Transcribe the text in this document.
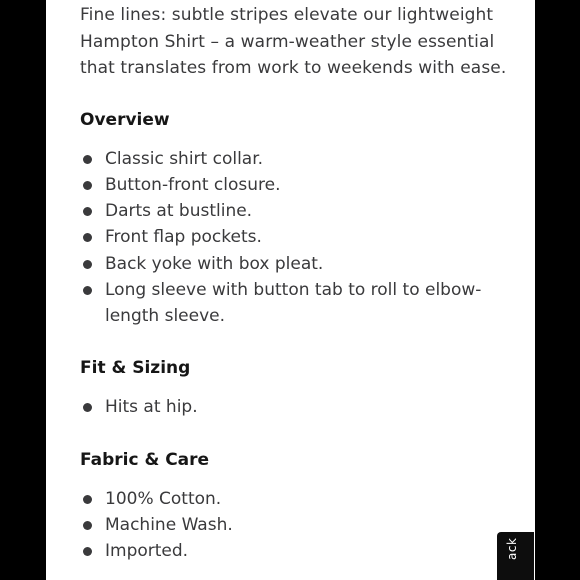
Fine lines: subtle stripes elevate our lightweight Hampton Shirt – a warm-weather style essential that translates from work to weekends with ease.

Overview
Classic shirt collar.
Button-front closure.
Darts at bustline.
Front flap pockets.
Back yoke with box pleat.
Long sleeve with button tab to roll to elbow-length sleeve.
Fit & Sizing
Hits at hip.
Fabric & Care
100% Cotton.
Machine Wash.
Imported.	ack
